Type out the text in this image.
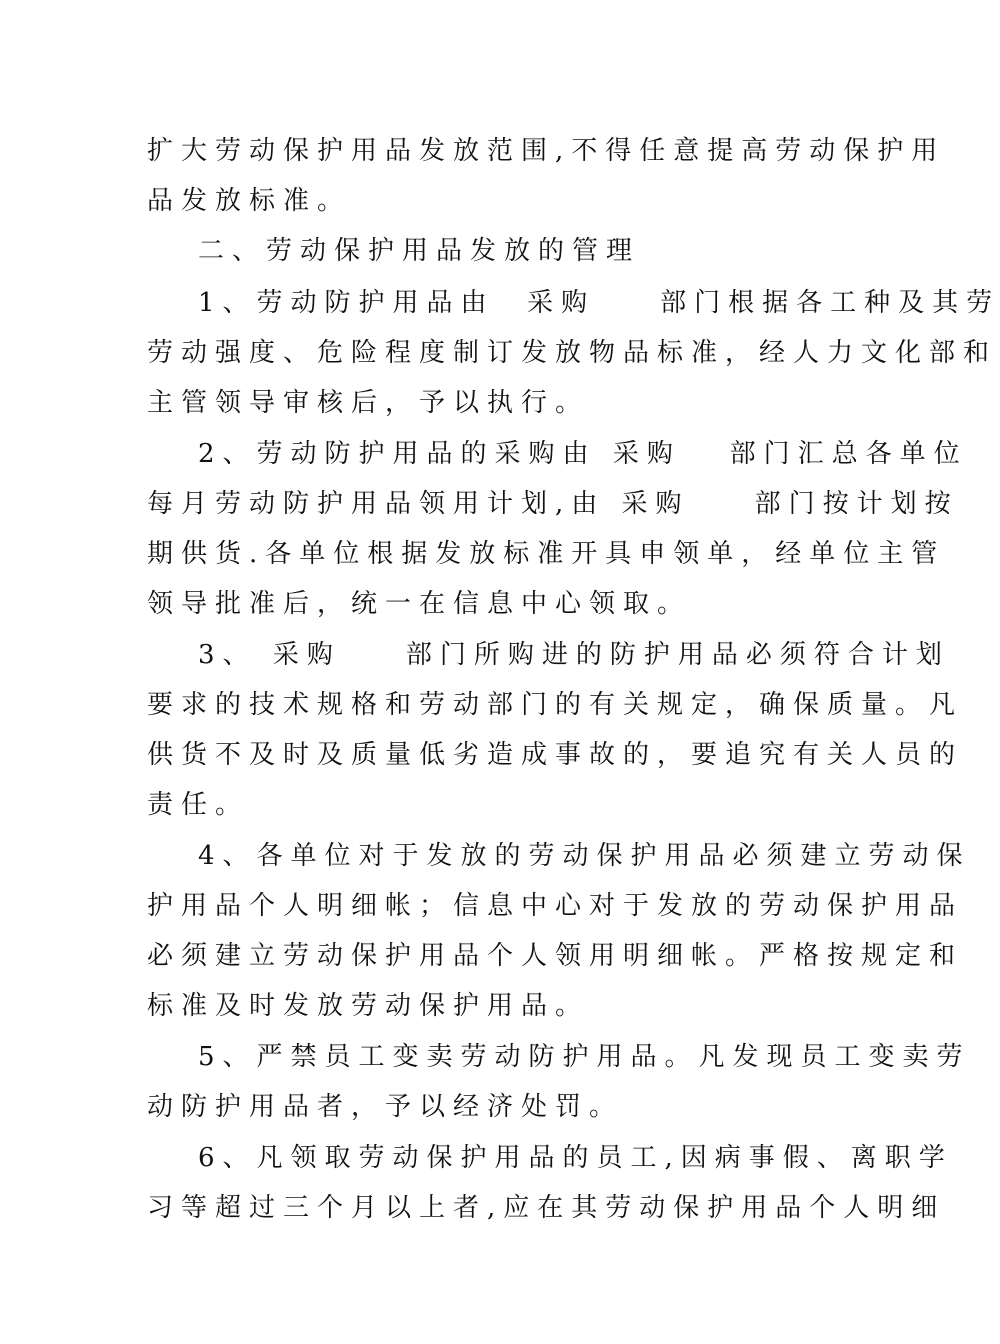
扩大劳动保护用品发放范围,不得任意提高劳动保护用
品发放标准。
二、劳动保护用品发放的管理
1、劳动防护用品由 采购	部门根据各工种及其劳
劳动强度、危险程度制订发放物品标准，经人力文化部和
主管领导审核后，予以执行。
2、劳动防护用品的采购由 采购 部门汇总各单位
每月劳动防护用品领用计划,由 采购	部门按计划按
期供货.各单位根据发放标准开具申领单，经单位主管
领导批准后，统一在信息中心领取。
3、 采购	部门所购进的防护用品必须符合计划
要求的技术规格和劳动部门的有关规定，确保质量。凡
供货不及时及质量低劣造成事故的，要追究有关人员的
责任。
4、各单位对于发放的劳动保护用品必须建立劳动保
护用品个人明细帐；信息中心对于发放的劳动保护用品
必须建立劳动保护用品个人领用明细帐。严格按规定和
标准及时发放劳动保护用品。
5、严禁员工变卖劳动防护用品。凡发现员工变卖劳
动防护用品者，予以经济处罚。
6、凡领取劳动保护用品的员工,因病事假、离职学
习等超过三个月以上者,应在其劳动保护用品个人明细
